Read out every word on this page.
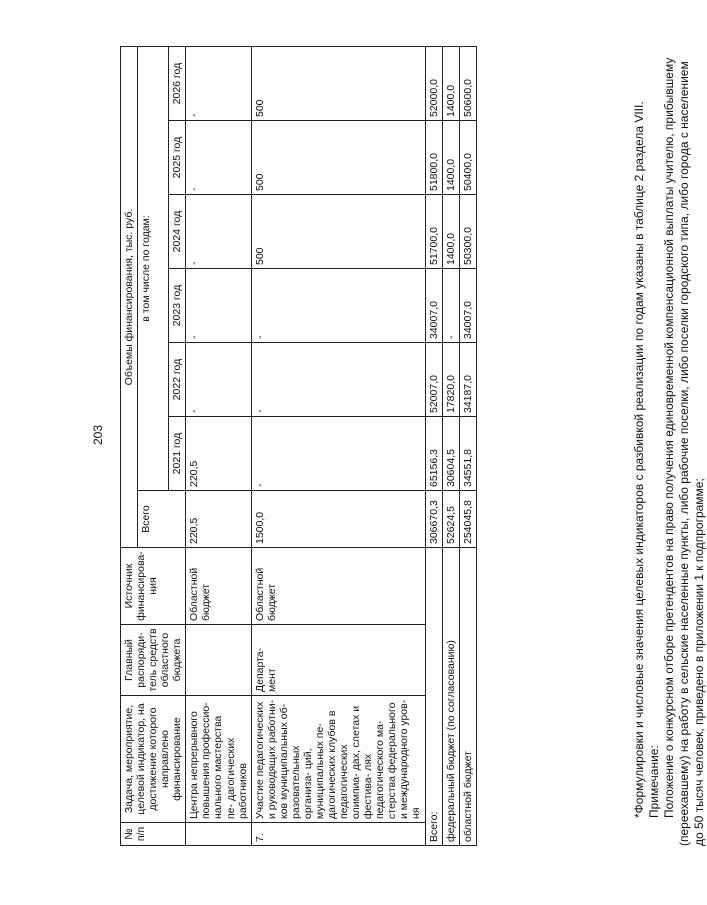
203
№ п/п	Задача, мероприятие, целевой индикатор, на достижение которого направлено финансирование	Главный распоряди- тель средств областного бюджета	Источник финансирова- ния	Объемы финансирования, тыс. руб.						
				Всего	в том числе по годам:					
					2021 год	2022 год	2023 год	2024 год	2025 год	2026 год
	Центра непрерывного повышения профессио- нального мастерства пе- дагогических работников		Областной бюджет	220,5	220,5	-	-	-	-	-
7.	Участие педагогических и руководящих работни- ков муниципальных об- разовательных организа- ций, муниципальных пе- дагогических клубов в педагогических олимпиа- дах, слетах и фестива- лях педагогического ма- стерства федерального и международного уров- ня	Департа- мент	Областной бюджет	1500,0	-	-	-	500	500	500
Всего:				306670,3	65156,3	52007,0	34007,0	51700,0	51800,0	52000,0
федеральный бюджет (по согласованию)				52624,5	30604,5	17820,0	-	1400,0	1400,0	1400,0
областной бюджет				254045,8	34551,8	34187,0	34007,0	50300,0	50400,0	50600,0

*Формулировки и числовые значения целевых индикаторов с разбивкой реализации по годам указаны в таблице 2 раздела VIII. Примечание: Положение о конкурсном отборе претендентов на право получения единовременной компенсационной выплаты учителю, прибывшему (переехавшему) на работу в сельские населенные пункты, либо рабочие поселки, либо поселки городского типа, либо города с населением до 50 тысяч человек, приведено в приложении 1 к подпрограмме;
